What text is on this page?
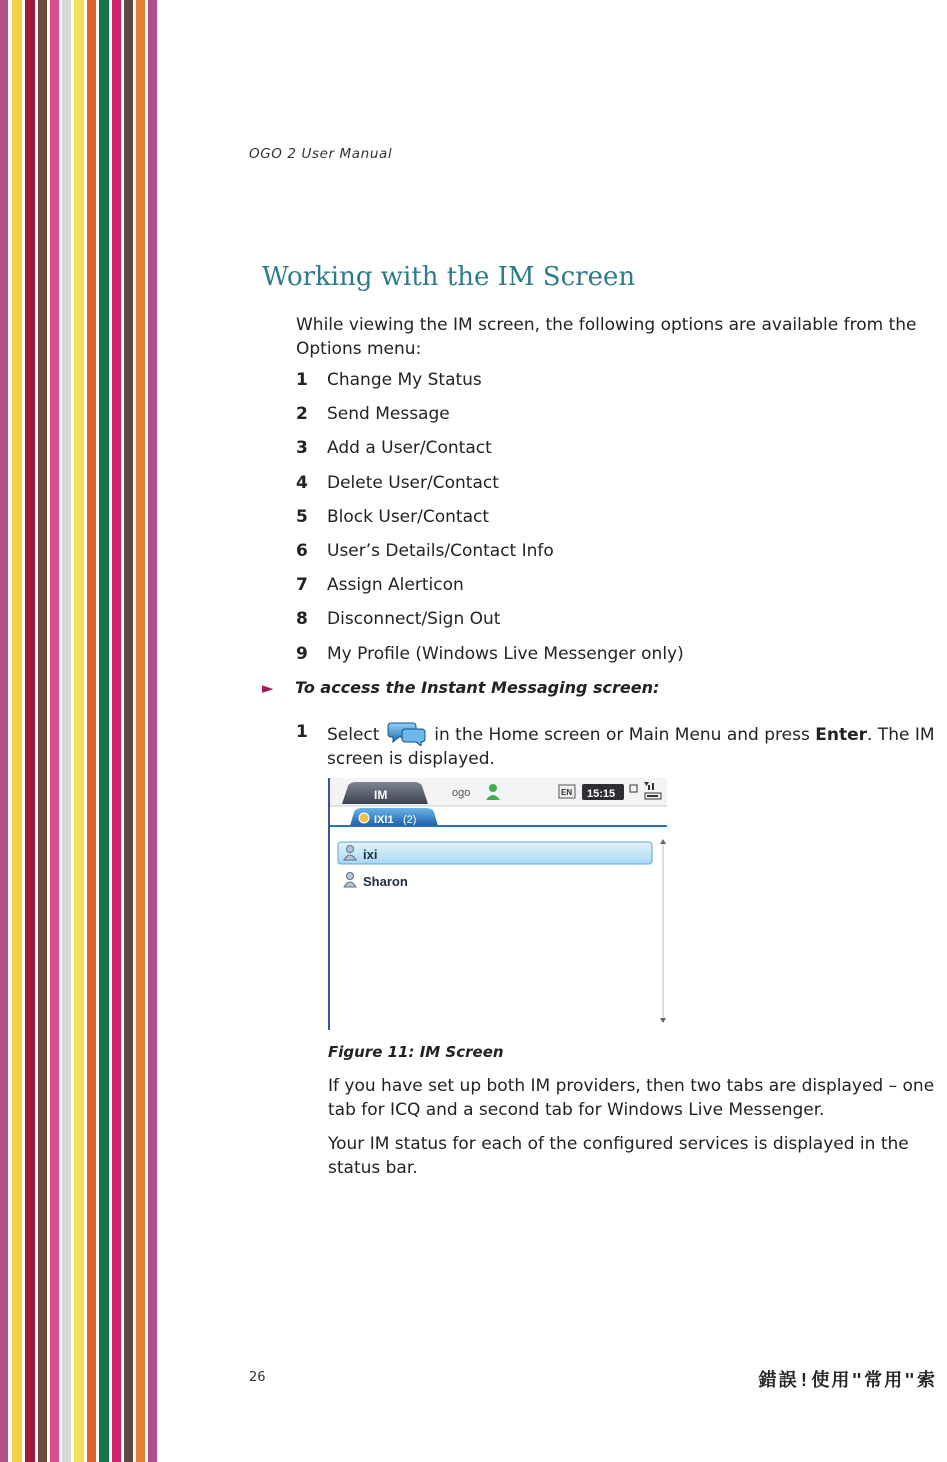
OGO 2 User Manual
Working with the IM Screen

While viewing the IM screen, the following options are available from the Options menu:

1	Change My Status
2	Send Message
3	Add a User/Contact
4	Delete User/Contact
5	Block User/Contact
6	User’s Details/Contact Info
7	Assign Alerticon
8	Disconnect/Sign Out
9	My Profile (Windows Live Messenger only)
►	To access the Instant Messaging screen:
1	Select	in the Home screen or Main Menu and press Enter. The IM screen is displayed.
IM	ogo	EN 15:15
IXI1 (2)
ixi
Sharon

Figure 11: IM Screen

If you have set up both IM providers, then two tabs are displayed – one tab for ICQ and a second tab for Windows Live Messenger.

Your IM status for each of the configured services is displayed in the status bar.

26	錯誤!使用"常用"索
